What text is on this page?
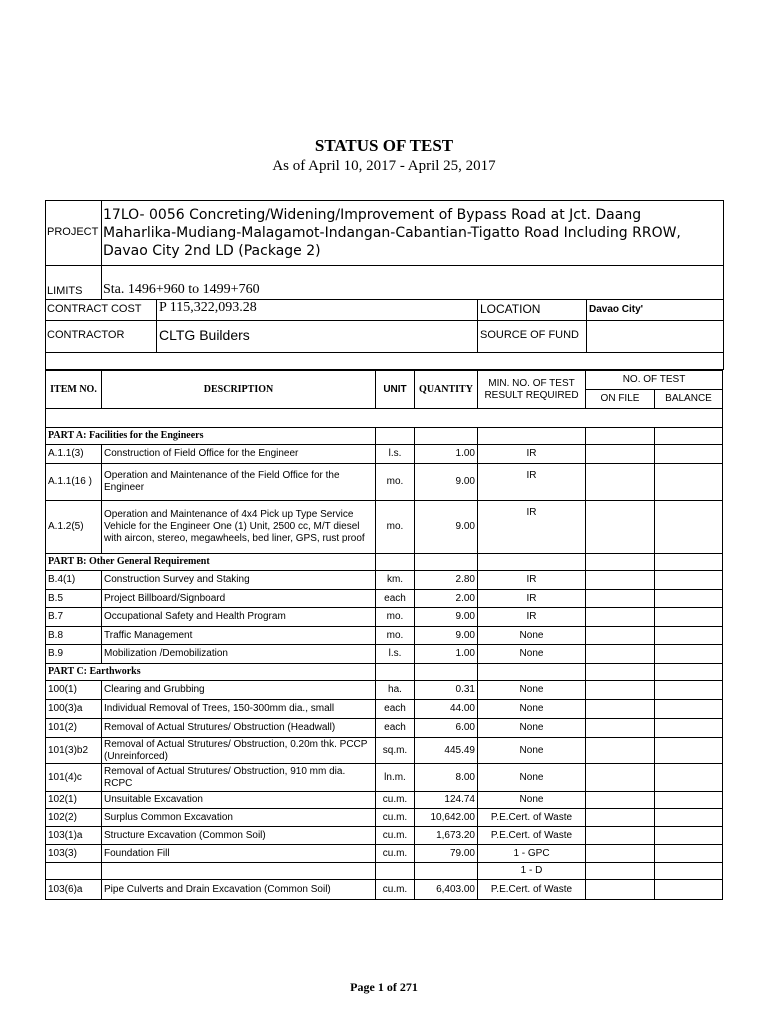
STATUS OF TEST
As of April 10, 2017 - April 25, 2017
PROJECT
17LO- 0056 Concreting/Widening/Improvement of Bypass Road at Jct. Daang Maharlika-Mudiang-Malagamot-Indangan-Cabantian-Tigatto Road Including RROW, Davao City 2nd LD (Package 2)
LIMITS Sta. 1496+960 to 1499+760
CONTRACT COST P 115,322,093.28	LOCATION	Davao City'
CONTRACTOR CLTG Builders	SOURCE OF FUND
ITEM NO.	DESCRIPTION	UNIT	QUANTITY	MIN. NO. OF TEST RESULT REQUIRED	NO. OF TEST	
					ON FILE	BALANCE

PART A: Facilities for the Engineers						
A.1.1(3)	Construction of Field Office for the Engineer	l.s.	1.00	IR		
A.1.1(16 )	Operation and Maintenance of the Field Office for the Engineer	mo.	9.00	IR		
A.1.2(5)	Operation and Maintenance of 4x4 Pick up Type Service Vehicle for the Engineer One (1) Unit, 2500 cc, M/T diesel with aircon, stereo, megawheels, bed liner, GPS, rust proof	mo.	9.00	IR		
PART B: Other General Requirement						
B.4(1)	Construction Survey and Staking	km.	2.80	IR		
B.5	Project Billboard/Signboard	each	2.00	IR		
B.7	Occupational Safety and Health Program	mo.	9.00	IR		
B.8	Traffic Management	mo.	9.00	None		
B.9	Mobilization /Demobilization	l.s.	1.00	None		
PART C: Earthworks						
100(1)	Clearing and Grubbing	ha.	0.31	None		
100(3)a	Individual Removal of Trees, 150-300mm dia., small	each	44.00	None		
101(2)	Removal of Actual Strutures/ Obstruction (Headwall)	each	6.00	None		
101(3)b2	Removal of Actual Strutures/ Obstruction, 0.20m thk. PCCP (Unreinforced)	sq.m.	445.49	None		
101(4)c	Removal of Actual Strutures/ Obstruction, 910 mm dia. RCPC	ln.m.	8.00	None		
102(1)	Unsuitable Excavation	cu.m.	124.74	None		
102(2)	Surplus Common Excavation	cu.m.	10,642.00	P.E.Cert. of Waste		
103(1)a	Structure Excavation (Common Soil)	cu.m.	1,673.20	P.E.Cert. of Waste		
103(3)	Foundation Fill	cu.m.	79.00	1 - GPC		
				1 - D		
103(6)a	Pipe Culverts and Drain Excavation (Common Soil)	cu.m.	6,403.00	P.E.Cert. of Waste		
Page 1 of 271
